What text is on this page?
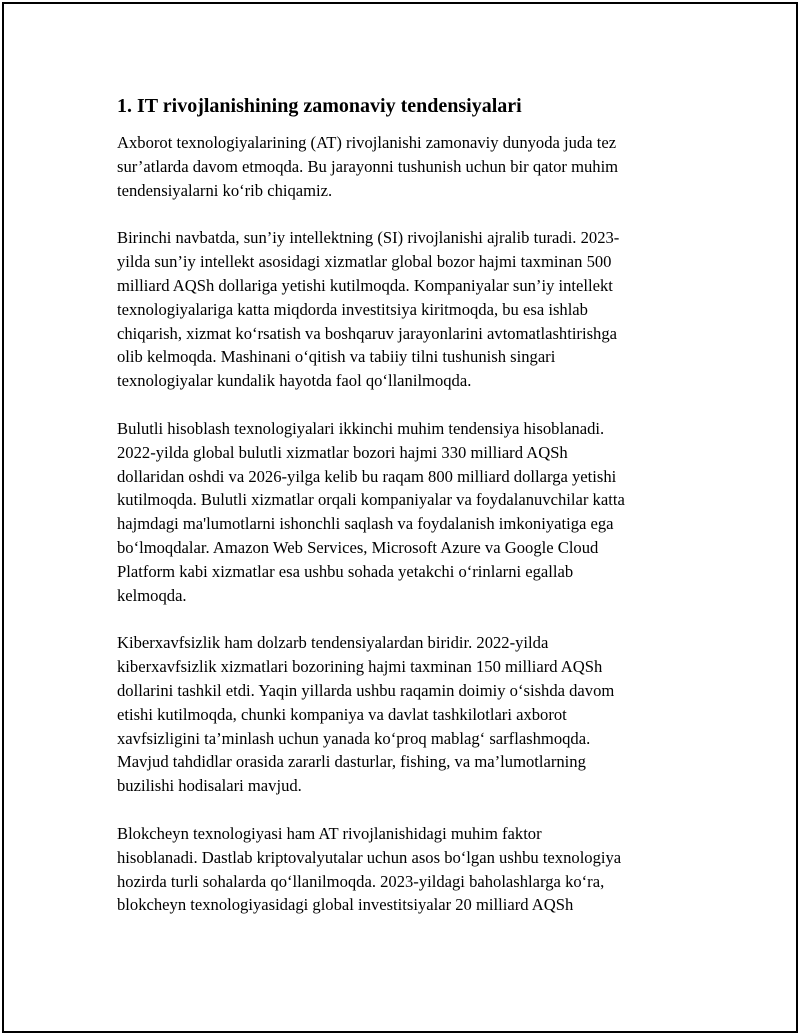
1. IT rivojlanishining zamonaviy tendensiyalari

Axborot texnologiyalarining (AT) rivojlanishi zamonaviy dunyoda juda tez
sur’atlarda davom etmoqda. Bu jarayonni tushunish uchun bir qator muhim
tendensiyalarni ko‘rib chiqamiz.

Birinchi navbatda, sun’iy intellektning (SI) rivojlanishi ajralib turadi. 2023-
yilda sun’iy intellekt asosidagi xizmatlar global bozor hajmi taxminan 500
milliard AQSh dollariga yetishi kutilmoqda. Kompaniyalar sun’iy intellekt
texnologiyalariga katta miqdorda investitsiya kiritmoqda, bu esa ishlab
chiqarish, xizmat ko‘rsatish va boshqaruv jarayonlarini avtomatlashtirishga
olib kelmoqda. Mashinani o‘qitish va tabiiy tilni tushunish singari
texnologiyalar kundalik hayotda faol qo‘llanilmoqda.

Bulutli hisoblash texnologiyalari ikkinchi muhim tendensiya hisoblanadi.
2022-yilda global bulutli xizmatlar bozori hajmi 330 milliard AQSh
dollaridan oshdi va 2026-yilga kelib bu raqam 800 milliard dollarga yetishi
kutilmoqda. Bulutli xizmatlar orqali kompaniyalar va foydalanuvchilar katta
hajmdagi ma'lumotlarni ishonchli saqlash va foydalanish imkoniyatiga ega
bo‘lmoqdalar. Amazon Web Services, Microsoft Azure va Google Cloud
Platform kabi xizmatlar esa ushbu sohada yetakchi o‘rinlarni egallab
kelmoqda.

Kiberxavfsizlik ham dolzarb tendensiyalardan biridir. 2022-yilda
kiberxavfsizlik xizmatlari bozorining hajmi taxminan 150 milliard AQSh
dollarini tashkil etdi. Yaqin yillarda ushbu raqamin doimiy o‘sishda davom
etishi kutilmoqda, chunki kompaniya va davlat tashkilotlari axborot
xavfsizligini ta’minlash uchun yanada ko‘proq mablag‘ sarflashmoqda.
Mavjud tahdidlar orasida zararli dasturlar, fishing, va ma’lumotlarning
buzilishi hodisalari mavjud.

Blokcheyn texnologiyasi ham AT rivojlanishidagi muhim faktor
hisoblanadi. Dastlab kriptovalyutalar uchun asos bo‘lgan ushbu texnologiya
hozirda turli sohalarda qo‘llanilmoqda. 2023-yildagi baholashlarga ko‘ra,
blokcheyn texnologiyasidagi global investitsiyalar 20 milliard AQSh
